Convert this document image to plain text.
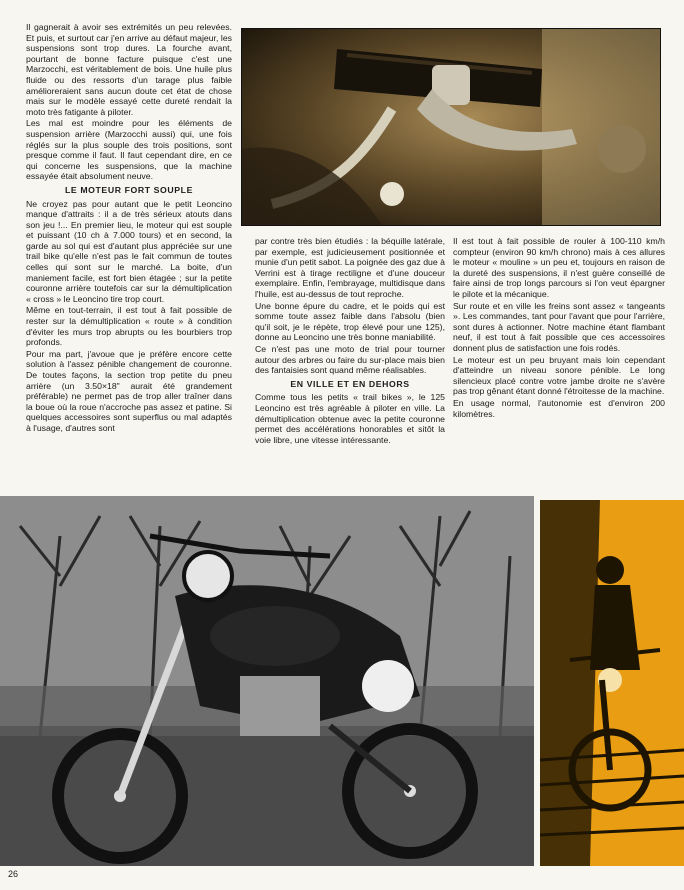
Il gagnerait à avoir ses extrémités un peu relevées. Et puis, et surtout car j'en arrive au défaut majeur, les suspensions sont trop dures. La fourche avant, pourtant de bonne facture puisque c'est une Marzocchi, est véritablement de bois. Une huile plus fluide ou des ressorts d'un tarage plus faible amélioreraient sans aucun doute cet état de chose mais sur le modèle essayé cette dureté rendait la moto très fatigante à piloter.

Les mal est moindre pour les éléments de suspension arrière (Marzocchi aussi) qui, une fois réglés sur la plus souple des trois positions, sont presque comme il faut. Il faut cependant dire, en ce qui concerne les suspensions, que la machine essayée était absolument neuve.

LE MOTEUR FORT SOUPLE

Ne croyez pas pour autant que le petit Leoncino manque d'attraits : il a de très sérieux atouts dans son jeu !... En premier lieu, le moteur qui est souple et puissant (10 ch à 7.000 tours) et en second, la garde au sol qui est d'autant plus appréciée sur une trail bike qu'elle n'est pas le fait commun de toutes celles qui sont sur le marché. La boite, d'un maniement facile, est fort bien étagée ; sur la petite couronne arrière toutefois car sur la démultiplication « cross » le Leoncino tire trop court.

Même en tout-terrain, il est tout à fait possible de rester sur la démultiplication « route » à condition d'éviter les murs trop abrupts ou les bourbiers trop profonds.

Pour ma part, j'avoue que je préfère encore cette solution à l'assez pénible changement de couronne. De toutes façons, la section trop petite du pneu arrière (un 3.50×18" aurait été grandement préférable) ne permet pas de trop aller traîner dans la boue où la roue n'accroche pas assez et patine. Si quelques accessoires sont superflus ou mal adaptés à l'usage, d'autres sont

par contre très bien étudiés : la béquille latérale, par exemple, est judicieusement positionnée et munie d'un petit sabot. La poignée des gaz due à Verrini est à tirage rectiligne et d'une douceur exemplaire. Enfin, l'embrayage, multidisque dans l'huile, est au-dessus de tout reproche.

Une bonne épure du cadre, et le poids qui est somme toute assez faible dans l'absolu (bien qu'il soit, je le répète, trop élevé pour une 125), donne au Leoncino une très bonne maniabilité.

Ce n'est pas une moto de trial pour tourner autour des arbres ou faire du sur-place mais bien des fantaisies sont quand même réalisables.

EN VILLE ET EN DEHORS

Comme tous les petits « trail bikes », le 125 Leoncino est très agréable à piloter en ville. La démultiplication obtenue avec la petite couronne permet des accélérations honorables et sitôt la voie libre, une vitesse intéressante.

Il est tout à fait possible de rouler à 100-110 km/h compteur (environ 90 km/h chrono) mais à ces allures le moteur « mouline » un peu et, toujours en raison de la dureté des suspensions, il n'est guère conseillé de faire ainsi de trop longs parcours si l'on veut épargner le pilote et la mécanique.

Sur route et en ville les freins sont assez « tangeants ». Les commandes, tant pour l'avant que pour l'arrière, sont dures à actionner. Notre machine étant flambant neuf, il est tout à fait possible que ces accessoires donnent plus de satisfaction une fois rodés.

Le moteur est un peu bruyant mais loin cependant d'atteindre un niveau sonore pénible. Le long silencieux placé contre votre jambe droite ne s'avère pas trop gênant étant donné l'étroitesse de la machine.

En usage normal, l'autonomie est d'environ 200 kilomètres.

26
